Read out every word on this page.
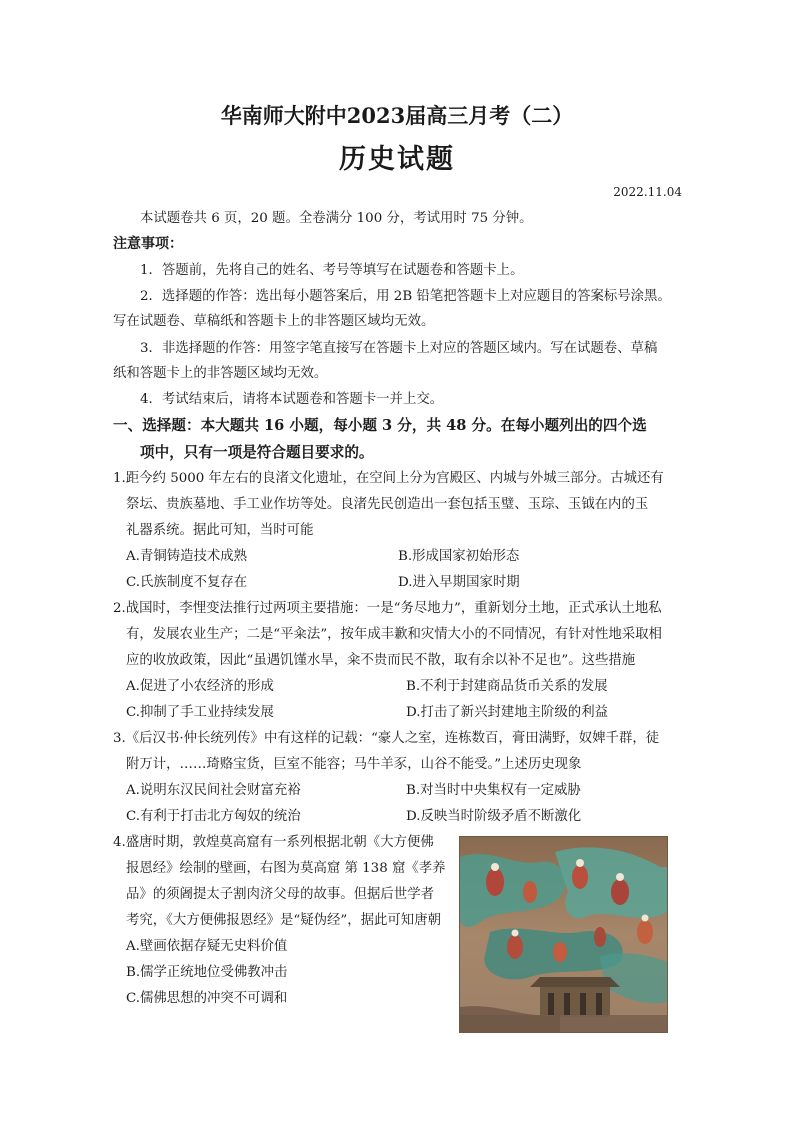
华南师大附中2023届高三月考（二）
历史试题
2022.11.04
本试题卷共 6 页，20 题。全卷满分 100 分，考试用时 75 分钟。
注意事项：
1．答题前，先将自己的姓名、考号等填写在试题卷和答题卡上。
2．选择题的作答：选出每小题答案后，用 2B 铅笔把答题卡上对应题目的答案标号涂黑。
写在试题卷、草稿纸和答题卡上的非答题区域均无效。
3．非选择题的作答：用签字笔直接写在答题卡上对应的答题区域内。写在试题卷、草稿
纸和答题卡上的非答题区域均无效。
4．考试结束后，请将本试题卷和答题卡一并上交。
一、选择题：本大题共 16 小题，每小题 3 分，共 48 分。在每小题列出的四个选
项中，只有一项是符合题目要求的。
1.距今约 5000 年左右的良渚文化遗址，在空间上分为宫殿区、内城与外城三部分。古城还有
祭坛、贵族墓地、手工业作坊等处。良渚先民创造出一套包括玉璧、玉琮、玉钺在内的玉
礼器系统。据此可知，当时可能
A.青铜铸造技术成熟	B.形成国家初始形态
C.氏族制度不复存在	D.进入早期国家时期
2.战国时，李悝变法推行过两项主要措施：一是“务尽地力”，重新划分土地，正式承认土地私
有，发展农业生产；二是“平籴法”，按年成丰歉和灾情大小的不同情况，有针对性地采取相
应的收放政策，因此“虽遇饥馑水旱，籴不贵而民不散，取有余以补不足也”。这些措施
A.促进了小农经济的形成	B.不利于封建商品货币关系的发展
C.抑制了手工业持续发展	D.打击了新兴封建地主阶级的利益
3.《后汉书·仲长统列传》中有这样的记载：“豪人之室，连栋数百，膏田满野，奴婢千群，徒
附万计，……琦赂宝货，巨室不能容；马牛羊豕，山谷不能受。”上述历史现象
A.说明东汉民间社会财富充裕	B.对当时中央集权有一定威胁
C.有利于打击北方匈奴的统治	D.反映当时阶级矛盾不断激化
4.盛唐时期，敦煌莫高窟有一系列根据北朝《大方便佛
报恩经》绘制的壁画，右图为莫高窟 第 138 窟《孝养
品》的须阇提太子割肉济父母的故事。但据后世学者
考究，《大方便佛报恩经》是“疑伪经”，据此可知唐朝
A.壁画依据存疑无史料价值
B.儒学正统地位受佛教冲击
C.儒佛思想的冲突不可调和
